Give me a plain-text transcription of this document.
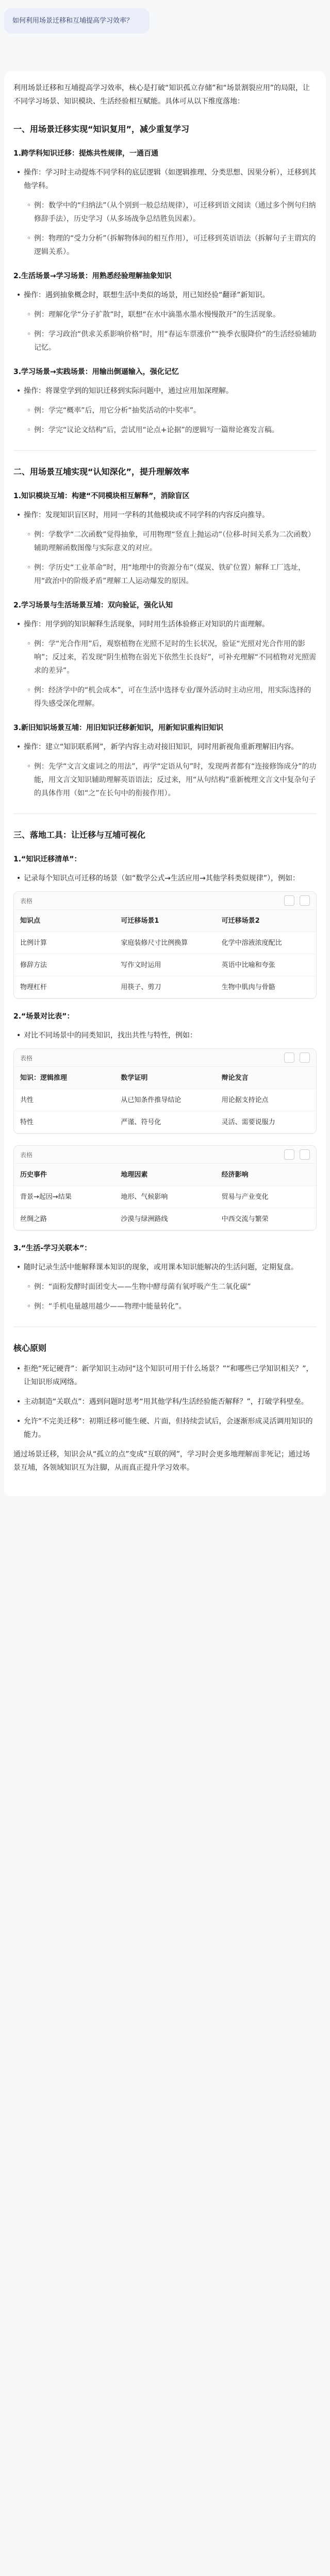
如何利用场景迁移和互埔提高学习效率？

利用场景迁移和互埔提高学习效率，核心是打破“知识孤立存储”和“场景割裂应用”的局限，让不同学习场景、知识模块、生活经验相互赋能。具体可从以下维度落地：

一、用场景迁移实现“知识复用”，减少重复学习
1.跨学科知识迁移：提炼共性规律，一通百通
• 操作：学习时主动提炼不同学科的底层逻辑（如逻辑推理、分类思想、因果分析），迁移到其他学科。
◦ 例：数学中的“归纳法”（从个别到一般总结规律），可迁移到语文阅读（通过多个例句归纳修辞手法），历史学习（从多场战争总结胜负因素）。
◦ 例：物理的“受力分析”（拆解物体间的相互作用），可迁移到英语语法（拆解句子主谓宾的逻辑关系）。
2.生活场景→学习场景：用熟悉经验理解抽象知识
• 操作：遇到抽象概念时，联想生活中类似的场景，用已知经验“翻译”新知识。
◦ 例：理解化学“分子扩散”时，联想“在水中滴墨水墨水慢慢散开”的生活现象。
◦ 例：学习政治“供求关系影响价格”时，用“春运车票涨价”“换季衣服降价”的生活经验辅助记忆。
3.学习场景→实践场景：用输出倒逼输入，强化记忆
• 操作：将课堂学到的知识迁移到实际问题中，通过应用加深理解。
◦ 例：学完“概率”后，用它分析“抽奖活动的中奖率”。
◦ 例：学完“议论文结构”后，尝试用“论点+论据”的逻辑写一篇辩论赛发言稿。
二、用场景互埔实现“认知深化”，提升理解效率
1.知识模块互埔：构建“不同模块相互解释”，消除盲区
• 操作：发现知识盲区时，用同一学科的其他模块或不同学科的内容反向推导。
◦ 例：学数学“二次函数”觉得抽象，可用物理“竖直上抛运动”（位移-时间关系为二次函数）辅助理解函数图像与实际意义的对应。
◦ 例：学历史“工业革命”时，用“地理中的资源分布”（煤炭、铁矿位置）解释工厂选址，用“政治中的阶级矛盾”理解工人运动爆发的原因。
2.学习场景与生活场景互埔：双向验证，强化认知
• 操作：用学到的知识解释生活现象，同时用生活体验修正对知识的片面理解。
◦ 例：学“光合作用”后，观察植物在光照不足时的生长状况，验证“光照对光合作用的影响”；反过来，若发现“阴生植物在弱光下依然生长良好”，可补充理解“不同植物对光照需求的差异”。
◦ 例：经济学中的“机会成本”，可在生活中选择专业/课外活动时主动应用，用实际选择的得失感受深化理解。
3.新旧知识场景互埔：用旧知识迁移新知识，用新知识重构旧知识
• 操作：建立“知识联系网”，新学内容主动对接旧知识，同时用新视角重新理解旧内容。
◦ 例：先学“文言文虚词之的用法”，再学“定语从句”时，发现两者都有“连接修饰成分”的功能，用文言文知识辅助理解英语语法；反过来，用“从句结构”重新梳理文言文中复杂句子的具体作用（如“之”在长句中的衔接作用）。
三、落地工具：让迁移与互埔可视化
1.“知识迁移清单”：
• 记录每个知识点可迁移的场景（如“数学公式→生活应用→其他学科类似规律”），例如：
表格
知识点	可迁移场景1	可迁移场景2
比例计算	家庭装修尺寸比例换算	化学中溶液浓度配比
修辞方法	写作文时运用	英语中比喻和夸张
物理杠杆	用筷子、剪刀	生物中肌肉与骨骼
2.“场景对比表”：
• 对比不同场景中的同类知识，找出共性与特性，例如：
表格
知识：逻辑推理	数学证明	辩论发言
共性	从已知条件推导结论	用论据支持论点
特性	严谨、符号化	灵活、需要说服力
表格
历史事件	地理因素	经济影响
背景→起因→结果	地形、气候影响	贸易与产业变化
丝绸之路	沙漠与绿洲路线	中西交流与繁荣
3.“生活-学习关联本”：
• 随时记录生活中能解释课本知识的现象，或用课本知识能解决的生活问题，定期复盘。
◦ 例：“面粉发酵时面团变大——生物中酵母菌有氧呼吸产生二氧化碳”
◦ 例：“手机电量越用越少——物理中能量转化”。
核心原则
• 拒绝“死记硬背”：新学知识主动问“这个知识可用于什么场景？”“和哪些已学知识相关？”，让知识形成网络。
• 主动制造“关联点”：遇到问题时思考“用其他学科/生活经验能否解释？”，打破学科壁垒。
• 允许“不完美迁移”：初期迁移可能生硬、片面，但持续尝试后，会逐渐形成灵活调用知识的能力。

通过场景迁移，知识会从“孤立的点”变成“互联的网”，学习时会更多地理解而非死记；通过场景互埔，各领域知识互为注脚，从而真正提升学习效率。
